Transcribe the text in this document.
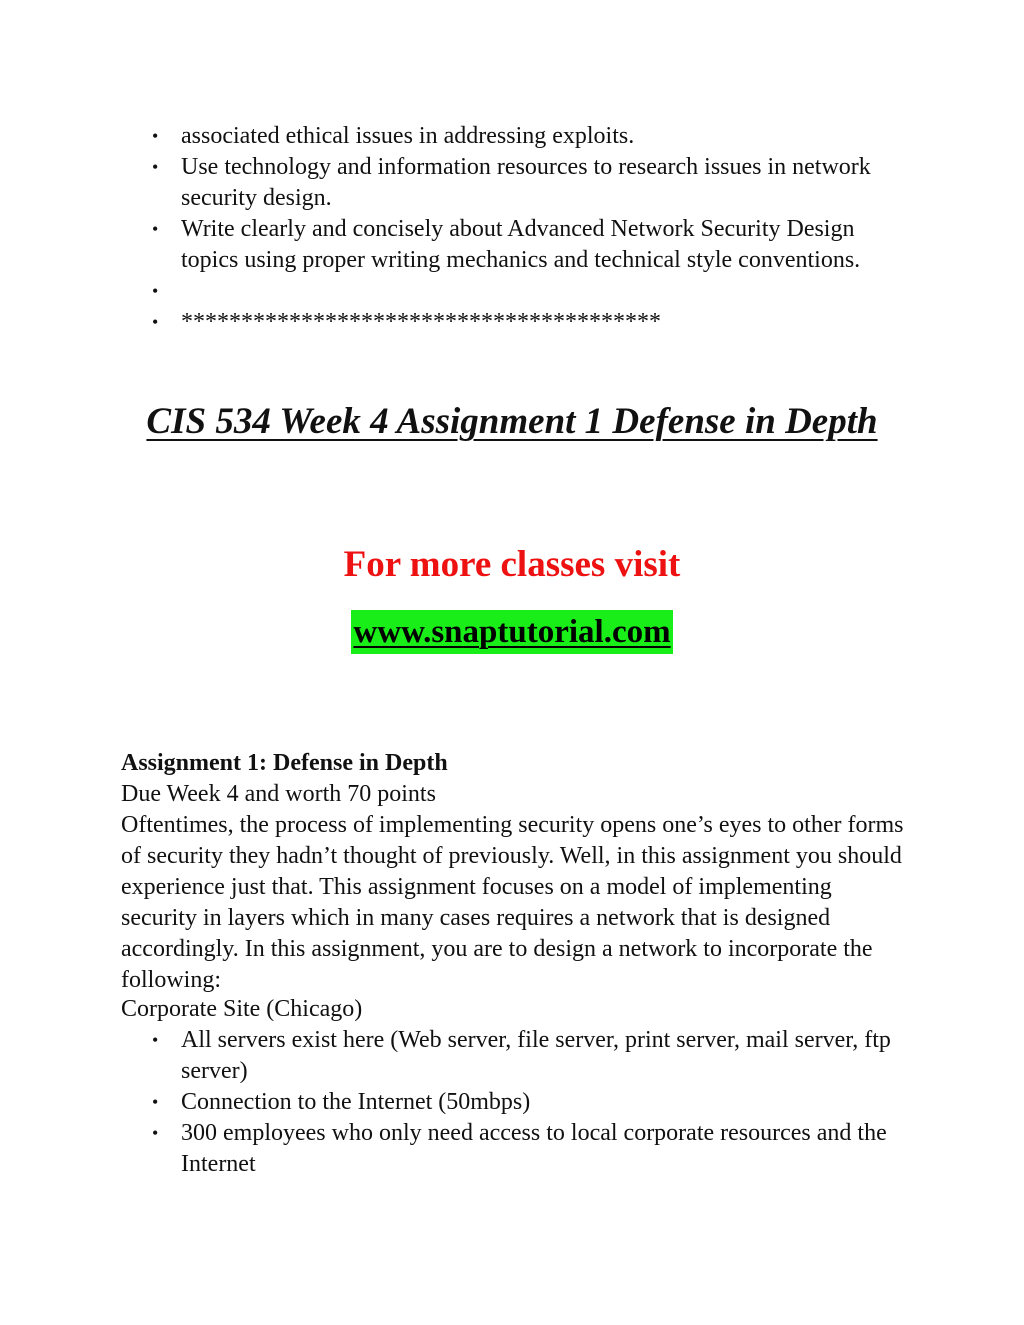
• associated ethical issues in addressing exploits.
• Use technology and information resources to research issues in network security design.
• Write clearly and concisely about Advanced Network Security Design topics using proper writing mechanics and technical style conventions.
•
• ****************************************
CIS 534 Week 4 Assignment 1 Defense in Depth
For more classes visit
www.snaptutorial.com
Assignment 1: Defense in Depth
Due Week 4 and worth 70 points
Oftentimes, the process of implementing security opens one’s eyes to other forms of security they hadn’t thought of previously. Well, in this assignment you should experience just that. This assignment focuses on a model of implementing security in layers which in many cases requires a network that is designed accordingly. In this assignment, you are to design a network to incorporate the following:
Corporate Site (Chicago)
• All servers exist here (Web server, file server, print server, mail server, ftp server)
• Connection to the Internet (50mbps)
• 300 employees who only need access to local corporate resources and the Internet
